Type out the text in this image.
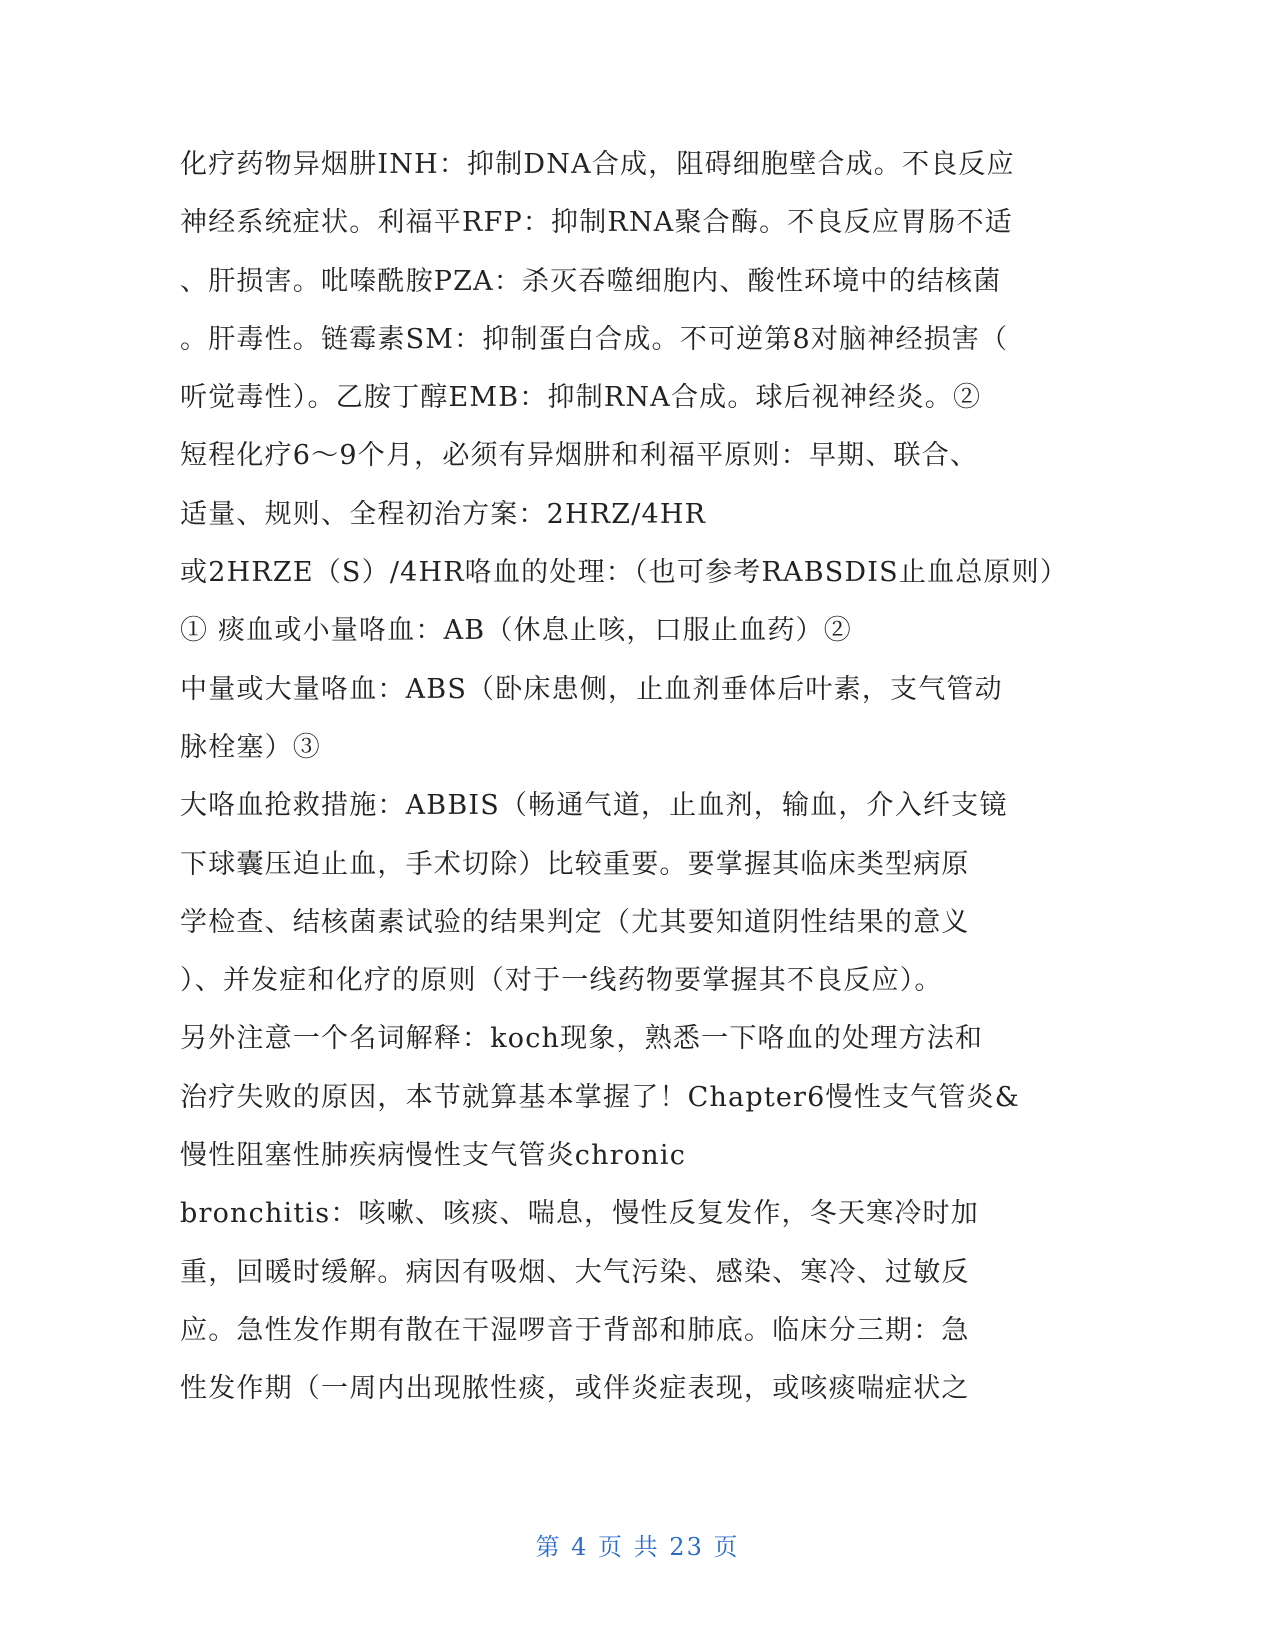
化疗药物异烟肼INH：抑制DNA合成，阻碍细胞壁合成。不良反应
神经系统症状。利福平RFP：抑制RNA聚合酶。不良反应胃肠不适
、肝损害。吡嗪酰胺PZA：杀灭吞噬细胞内、酸性环境中的结核菌
。肝毒性。链霉素SM：抑制蛋白合成。不可逆第8对脑神经损害（
听觉毒性）。乙胺丁醇EMB：抑制RNA合成。球后视神经炎。②
短程化疗6～9个月，必须有异烟肼和利福平原则：早期、联合、
适量、规则、全程初治方案：2HRZ/4HR
或2HRZE（S）/4HR咯血的处理：（也可参考RABSDIS止血总原则）
① 痰血或小量咯血：AB（休息止咳，口服止血药）②
中量或大量咯血：ABS（卧床患侧，止血剂垂体后叶素，支气管动
脉栓塞）③
大咯血抢救措施：ABBIS（畅通气道，止血剂，输血，介入纤支镜
下球囊压迫止血，手术切除）比较重要。要掌握其临床类型病原
学检查、结核菌素试验的结果判定（尤其要知道阴性结果的意义
）、并发症和化疗的原则（对于一线药物要掌握其不良反应）。
另外注意一个名词解释：koch现象，熟悉一下咯血的处理方法和
治疗失败的原因，本节就算基本掌握了！Chapter6慢性支气管炎&
慢性阻塞性肺疾病慢性支气管炎chronic
bronchitis：咳嗽、咳痰、喘息，慢性反复发作，冬天寒冷时加
重，回暖时缓解。病因有吸烟、大气污染、感染、寒冷、过敏反
应。急性发作期有散在干湿啰音于背部和肺底。临床分三期：急
性发作期（一周内出现脓性痰，或伴炎症表现，或咳痰喘症状之
第 4 页 共 23 页
